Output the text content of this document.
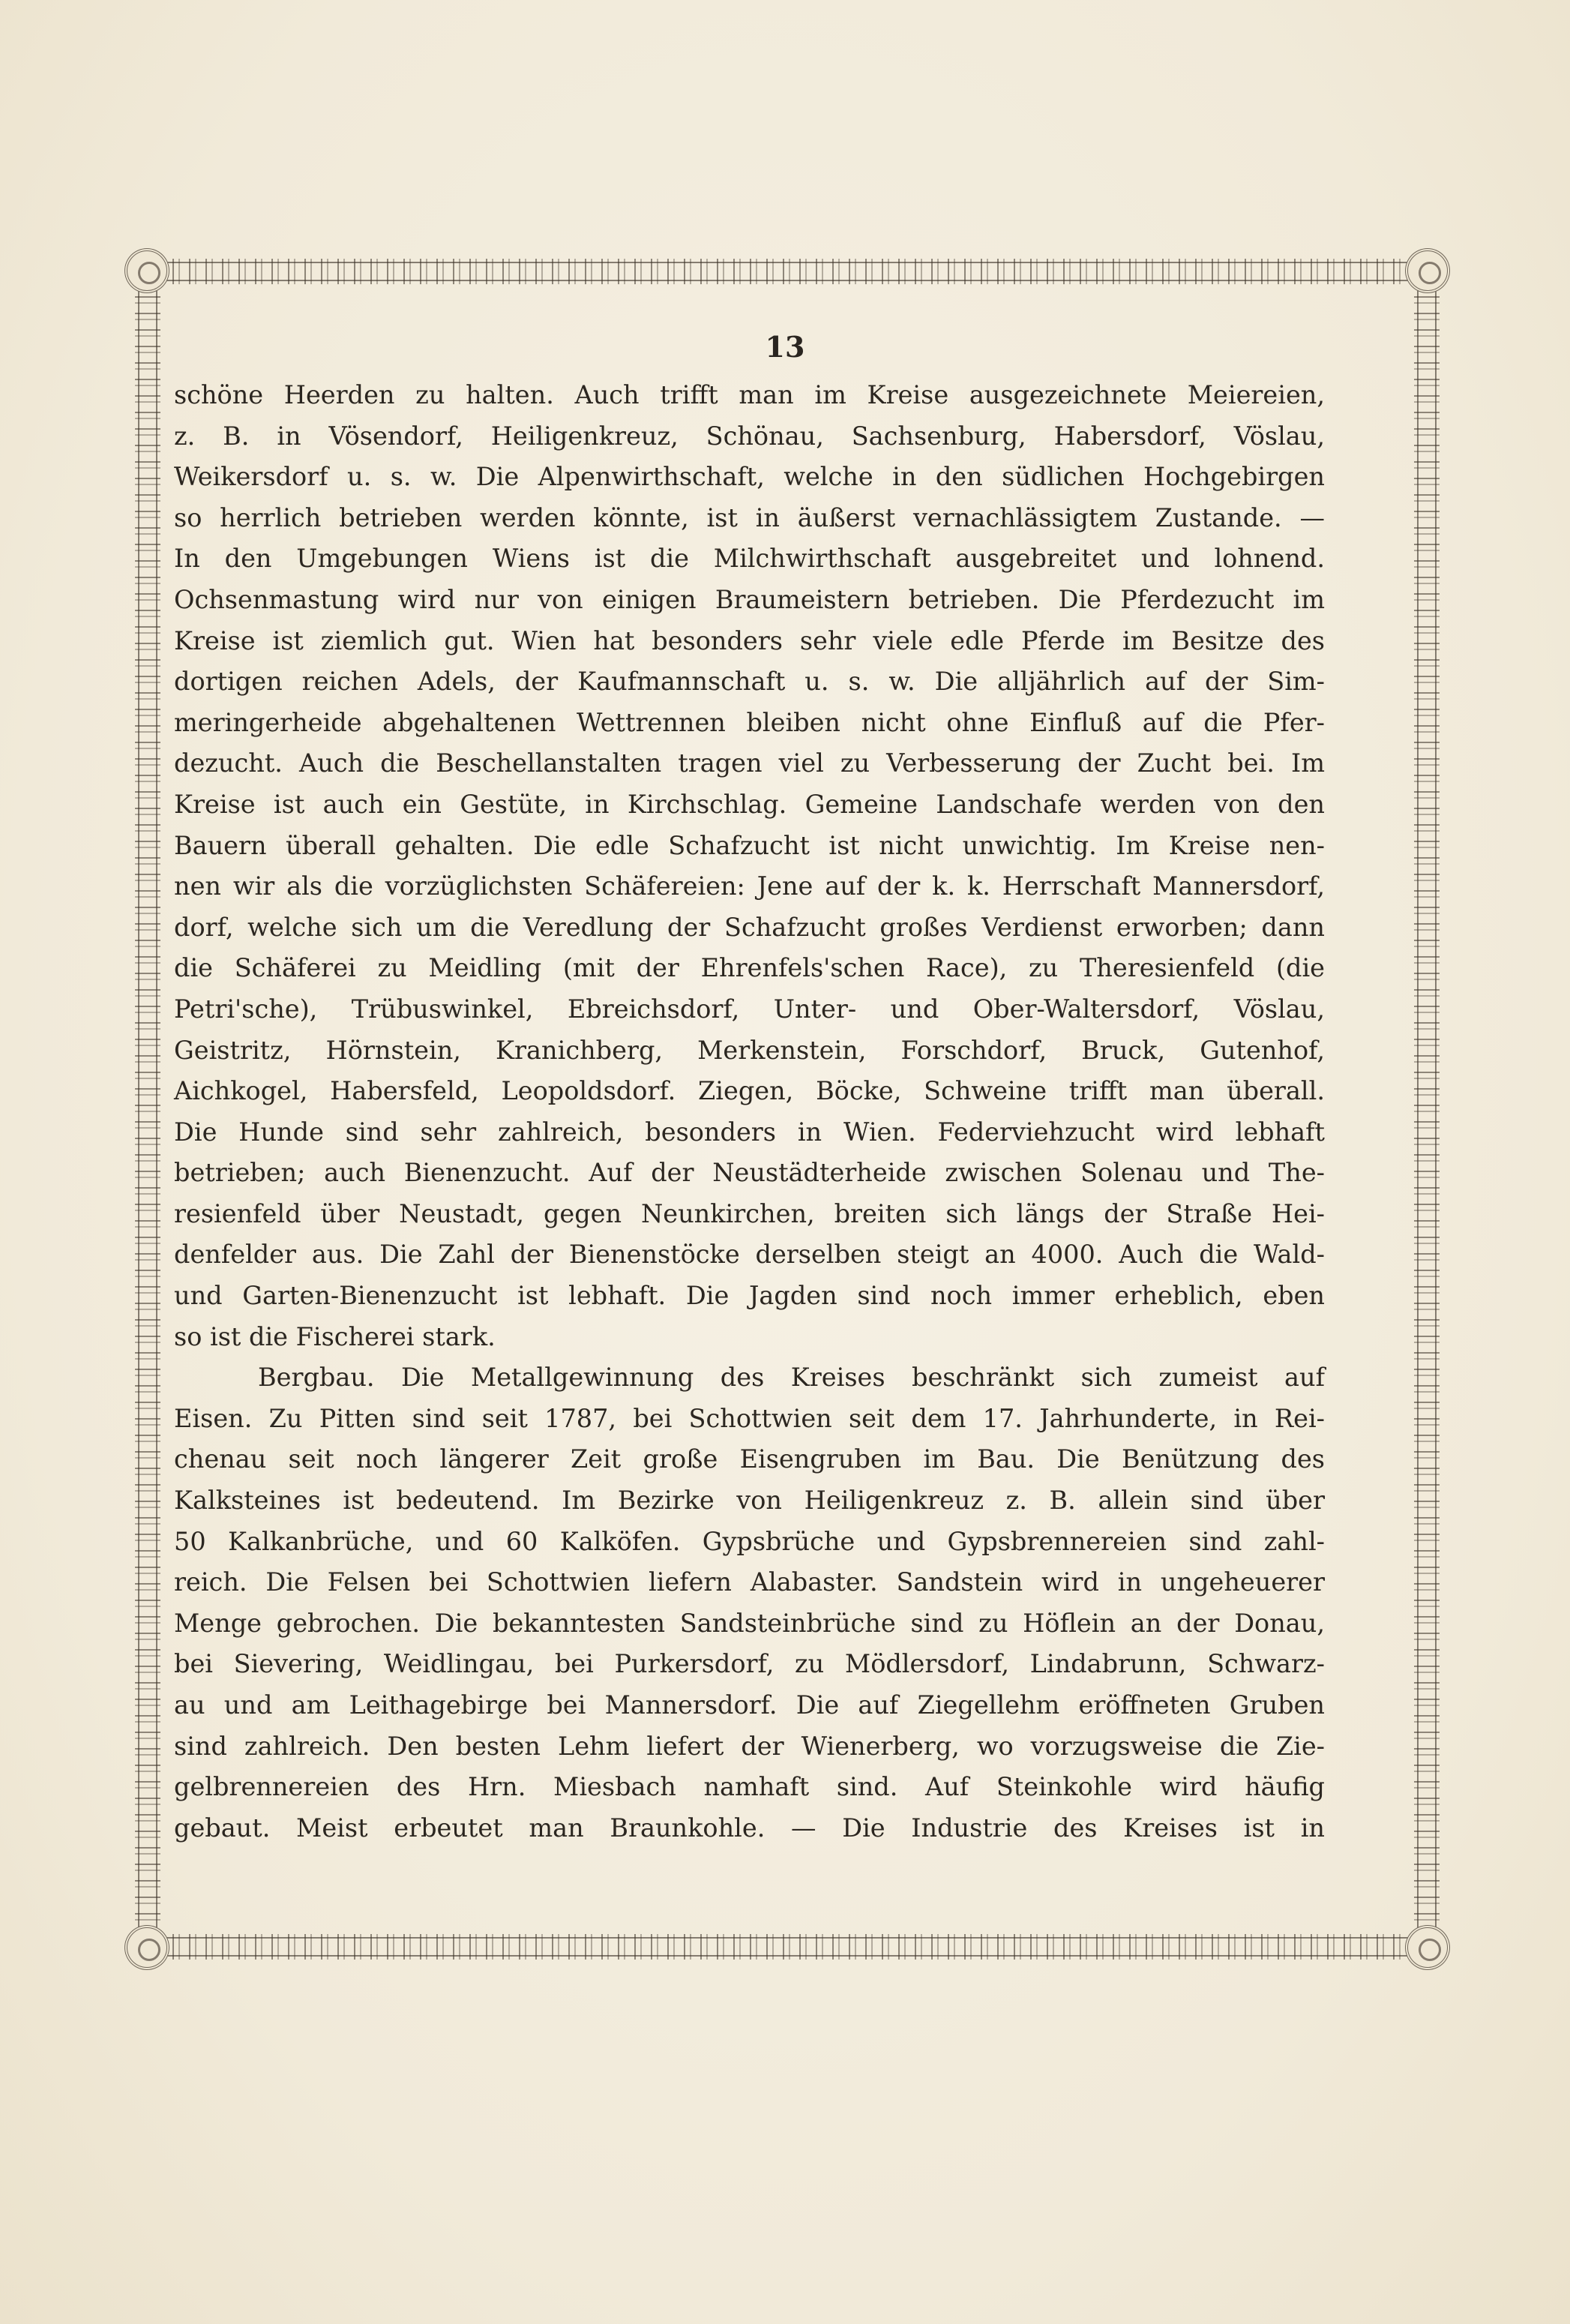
13
schöne Heerden zu halten. Auch trifft man im Kreise ausgezeichnete Meiereien,
z. B. in Vösendorf, Heiligenkreuz, Schönau, Sachsenburg, Habersdorf, Vöslau,
Weikersdorf u. s. w. Die Alpenwirthschaft, welche in den südlichen Hochgebirgen
so herrlich betrieben werden könnte, ist in äußerst vernachlässigtem Zustande. —
In den Umgebungen Wiens ist die Milchwirthschaft ausgebreitet und lohnend.
Ochsenmastung wird nur von einigen Braumeistern betrieben. Die Pferdezucht im
Kreise ist ziemlich gut. Wien hat besonders sehr viele edle Pferde im Besitze des
dortigen reichen Adels, der Kaufmannschaft u. s. w. Die alljährlich auf der Sim-
meringerheide abgehaltenen Wettrennen bleiben nicht ohne Einfluß auf die Pfer-
dezucht. Auch die Beschellanstalten tragen viel zu Verbesserung der Zucht bei. Im
Kreise ist auch ein Gestüte, in Kirchschlag. Gemeine Landschafe werden von den
Bauern überall gehalten. Die edle Schafzucht ist nicht unwichtig. Im Kreise nen-
nen wir als die vorzüglichsten Schäfereien: Jene auf der k. k. Herrschaft Mannersdorf,
dorf, welche sich um die Veredlung der Schafzucht großes Verdienst erworben; dann
die Schäferei zu Meidling (mit der Ehrenfels'schen Race), zu Theresienfeld (die
Petri'sche), Trübuswinkel, Ebreichsdorf, Unter- und Ober-Waltersdorf, Vöslau,
Geistritz, Hörnstein, Kranichberg, Merkenstein, Forschdorf, Bruck, Gutenhof,
Aichkogel, Habersfeld, Leopoldsdorf. Ziegen, Böcke, Schweine trifft man überall.
Die Hunde sind sehr zahlreich, besonders in Wien. Federviehzucht wird lebhaft
betrieben; auch Bienenzucht. Auf der Neustädterheide zwischen Solenau und The-
resienfeld über Neustadt, gegen Neunkirchen, breiten sich längs der Straße Hei-
denfelder aus. Die Zahl der Bienenstöcke derselben steigt an 4000. Auch die Wald-
und Garten-Bienenzucht ist lebhaft. Die Jagden sind noch immer erheblich, eben
so ist die Fischerei stark.
Bergbau. Die Metallgewinnung des Kreises beschränkt sich zumeist auf
Eisen. Zu Pitten sind seit 1787, bei Schottwien seit dem 17. Jahrhunderte, in Rei-
chenau seit noch längerer Zeit große Eisengruben im Bau. Die Benützung des
Kalksteines ist bedeutend. Im Bezirke von Heiligenkreuz z. B. allein sind über
50 Kalkanbrüche, und 60 Kalköfen. Gypsbrüche und Gypsbrennereien sind zahl-
reich. Die Felsen bei Schottwien liefern Alabaster. Sandstein wird in ungeheuerer
Menge gebrochen. Die bekanntesten Sandsteinbrüche sind zu Höflein an der Donau,
bei Sievering, Weidlingau, bei Purkersdorf, zu Mödlersdorf, Lindabrunn, Schwarz-
au und am Leithagebirge bei Mannersdorf. Die auf Ziegellehm eröffneten Gruben
sind zahlreich. Den besten Lehm liefert der Wienerberg, wo vorzugsweise die Zie-
gelbrennereien des Hrn. Miesbach namhaft sind. Auf Steinkohle wird häufig
gebaut. Meist erbeutet man Braunkohle. — Die Industrie des Kreises ist in
